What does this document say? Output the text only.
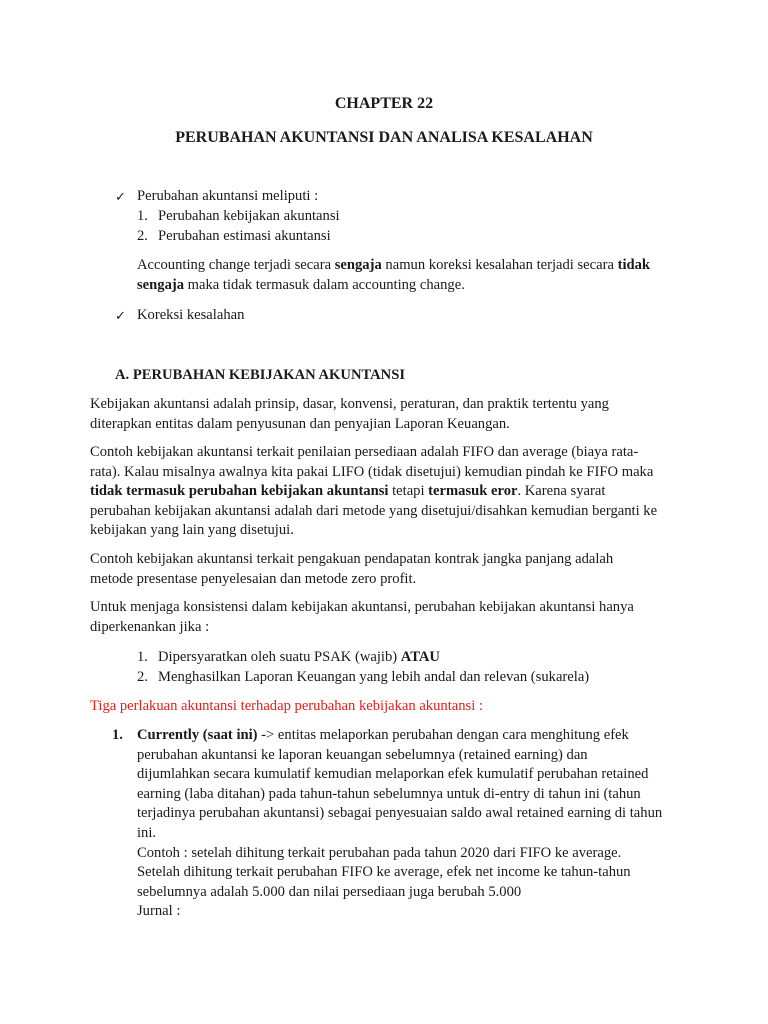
CHAPTER 22
PERUBAHAN AKUNTANSI DAN ANALISA KESALAHAN
✓ Perubahan akuntansi meliputi :

1. Perubahan kebijakan akuntansi

2. Perubahan estimasi akuntansi

Accounting change terjadi secara sengaja namun koreksi kesalahan terjadi secara tidak
sengaja maka tidak termasuk dalam accounting change.
✓ Koreksi kesalahan

A. PERUBAHAN KEBIJAKAN AKUNTANSI

Kebijakan akuntansi adalah prinsip, dasar, konvensi, peraturan, dan praktik tertentu yang
diterapkan entitas dalam penyusunan dan penyajian Laporan Keuangan.
Contoh kebijakan akuntansi terkait penilaian persediaan adalah FIFO dan average (biaya rata-
rata). Kalau misalnya awalnya kita pakai LIFO (tidak disetujui) kemudian pindah ke FIFO maka
tidak termasuk perubahan kebijakan akuntansi tetapi termasuk eror. Karena syarat
perubahan kebijakan akuntansi adalah dari metode yang disetujui/disahkan kemudian berganti ke
kebijakan yang lain yang disetujui.
Contoh kebijakan akuntansi terkait pengakuan pendapatan kontrak jangka panjang adalah
metode presentase penyelesaian dan metode zero profit.
Untuk menjaga konsistensi dalam kebijakan akuntansi, perubahan kebijakan akuntansi hanya
diperkenankan jika :

1. Dipersyaratkan oleh suatu PSAK (wajib) ATAU

2. Menghasilkan Laporan Keuangan yang lebih andal dan relevan (sukarela)

Tiga perlakuan akuntansi terhadap perubahan kebijakan akuntansi :

1. Currently (saat ini) -> entitas melaporkan perubahan dengan cara menghitung efek
perubahan akuntansi ke laporan keuangan sebelumnya (retained earning) dan
dijumlahkan secara kumulatif kemudian melaporkan efek kumulatif perubahan retained
earning (laba ditahan) pada tahun-tahun sebelumnya untuk di-entry di tahun ini (tahun
terjadinya perubahan akuntansi) sebagai penyesuaian saldo awal retained earning di tahun
ini.
Contoh : setelah dihitung terkait perubahan pada tahun 2020 dari FIFO ke average.
Setelah dihitung terkait perubahan FIFO ke average, efek net income ke tahun-tahun
sebelumnya adalah 5.000 dan nilai persediaan juga berubah 5.000
Jurnal :
